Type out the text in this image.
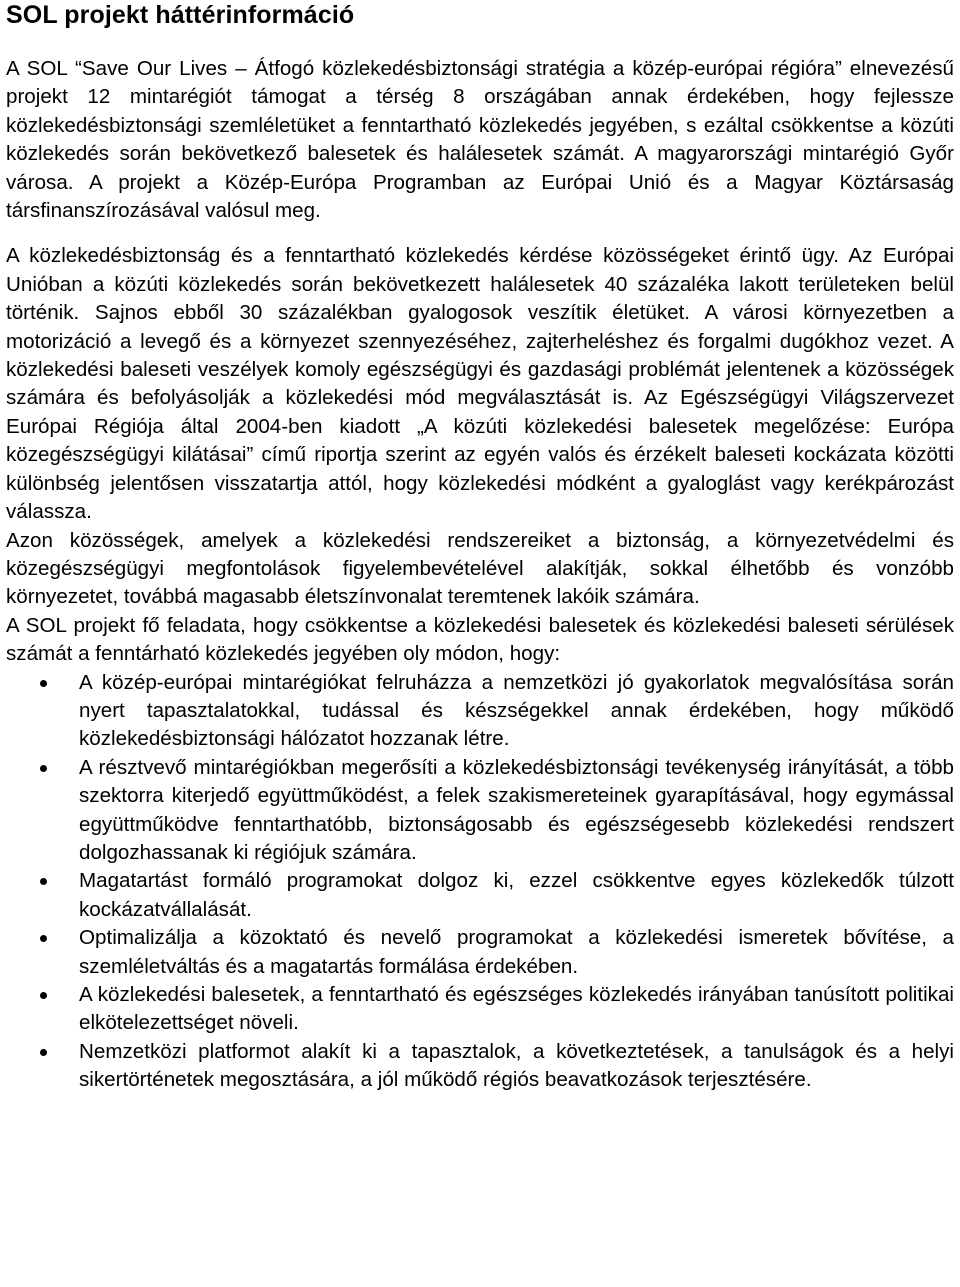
SOL projekt háttérinformáció

A SOL “Save Our Lives – Átfogó közlekedésbiztonsági stratégia a közép-európai régióra” elnevezésű projekt 12 mintarégiót támogat a térség 8 országában annak érdekében, hogy fejlessze közlekedésbiztonsági szemléletüket a fenntartható közlekedés jegyében, s ezáltal csökkentse a közúti közlekedés során bekövetkező balesetek és halálesetek számát. A magyarországi mintarégió Győr városa. A projekt a Közép-Európa Programban az Európai Unió és a Magyar Köztársaság társfinanszírozásával valósul meg.

A közlekedésbiztonság és a fenntartható közlekedés kérdése közösségeket érintő ügy. Az Európai Unióban a közúti közlekedés során bekövetkezett halálesetek 40 százaléka lakott területeken belül történik. Sajnos ebből 30 százalékban gyalogosok veszítik életüket. A városi környezetben a motorizáció a levegő és a környezet szennyezéséhez, zajterheléshez és forgalmi dugókhoz vezet. A közlekedési baleseti veszélyek komoly egészségügyi és gazdasági problémát jelentenek a közösségek számára és befolyásolják a közlekedési mód megválasztását is. Az Egészségügyi Világszervezet Európai Régiója által 2004-ben kiadott „A közúti közlekedési balesetek megelőzése: Európa közegészségügyi kilátásai” című riportja szerint az egyén valós és érzékelt baleseti kockázata közötti különbség jelentősen visszatartja attól, hogy közlekedési módként a gyaloglást vagy kerékpározást válassza.

Azon közösségek, amelyek a közlekedési rendszereiket a biztonság, a környezetvédelmi és közegészségügyi megfontolások figyelembevételével alakítják, sokkal élhetőbb és vonzóbb környezetet, továbbá magasabb életszínvonalat teremtenek lakóik számára.

A SOL projekt fő feladata, hogy csökkentse a közlekedési balesetek és közlekedési baleseti sérülések számát a fenntárható közlekedés jegyében oly módon, hogy:

A közép-európai mintarégiókat felruházza a nemzetközi jó gyakorlatok megvalósítása során nyert tapasztalatokkal, tudással és készségekkel annak érdekében, hogy működő közlekedésbiztonsági hálózatot hozzanak létre.
A résztvevő mintarégiókban megerősíti a közlekedésbiztonsági tevékenység irányítását, a több szektorra kiterjedő együttműködést, a felek szakismereteinek gyarapításával, hogy egymással együttműködve fenntarthatóbb, biztonságosabb és egészségesebb közlekedési rendszert dolgozhassanak ki régiójuk számára.
Magatartást formáló programokat dolgoz ki, ezzel csökkentve egyes közlekedők túlzott kockázatvállalását.
Optimalizálja a közoktató és nevelő programokat a közlekedési ismeretek bővítése, a szemléletváltás és a magatartás formálása érdekében.
A közlekedési balesetek, a fenntartható és egészséges közlekedés irányában tanúsított politikai elkötelezettséget növeli.
Nemzetközi platformot alakít ki a tapasztalok, a következtetések, a tanulságok és a helyi sikertörténetek megosztására, a jól működő régiós beavatkozások terjesztésére.
